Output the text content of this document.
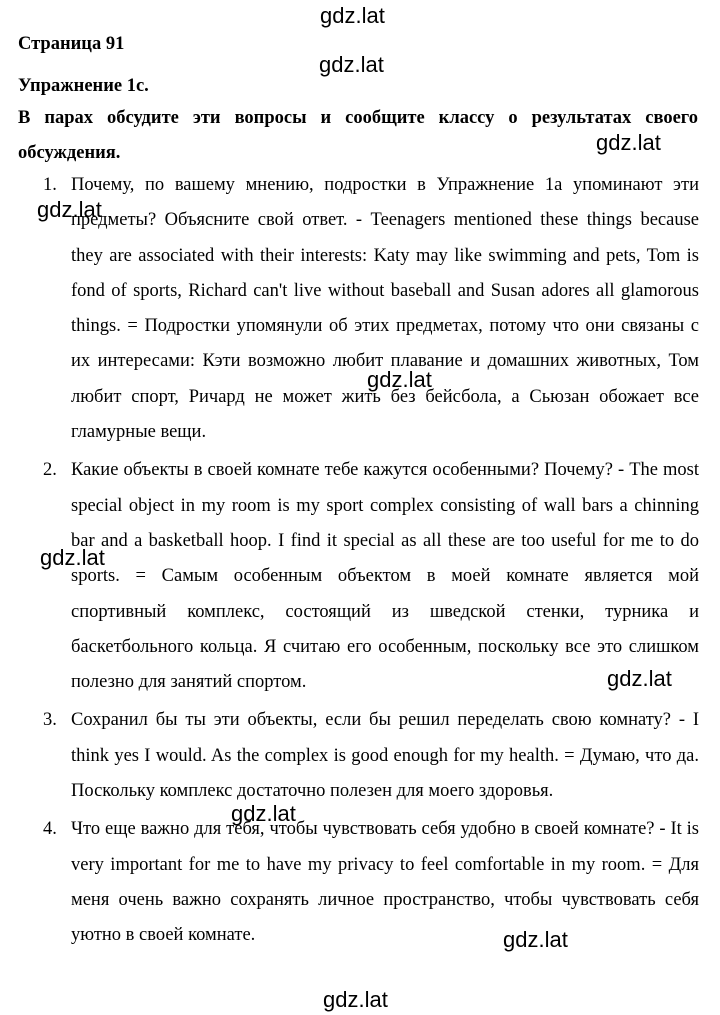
Страница 91
Упражнение 1c.
В парах обсудите эти вопросы и сообщите классу о результатах своего обсуждения.
1. Почему, по вашему мнению, подростки в Упражнение 1а упоминают эти предметы? Объясните свой ответ. - Teenagers mentioned these things because they are associated with their interests: Katy may like swimming and pets, Tom is fond of sports, Richard can't live without baseball and Susan adores all glamorous things. = Подростки упомянули об этих предметах, потому что они связаны с их интересами: Кэти возможно любит плавание и домашних животных, Том любит спорт, Ричард не может жить без бейсбола, а Сьюзан обожает все гламурные вещи.
2. Какие объекты в своей комнате тебе кажутся особенными? Почему? - The most special object in my room is my sport complex consisting of wall bars a chinning bar and a basketball hoop. I find it special as all these are too useful for me to do sports. = Самым особенным объектом в моей комнате является мой спортивный комплекс, состоящий из шведской стенки, турника и баскетбольного кольца. Я считаю его особенным, поскольку все это слишком полезно для занятий спортом.
3. Сохранил бы ты эти объекты, если бы решил переделать свою комнату? - I think yes I would. As the complex is good enough for my health. = Думаю, что да. Поскольку комплекс достаточно полезен для моего здоровья.
4. Что еще важно для тебя, чтобы чувствовать себя удобно в своей комнате? - It is very important for me to have my privacy to feel comfortable in my room. = Для меня очень важно сохранять личное пространство, чтобы чувствовать себя уютно в своей комнате.
gdz.lat
gdz.lat
gdz.lat
gdz.lat
gdz.lat
gdz.lat
gdz.lat
gdz.lat
gdz.lat
gdz.lat
